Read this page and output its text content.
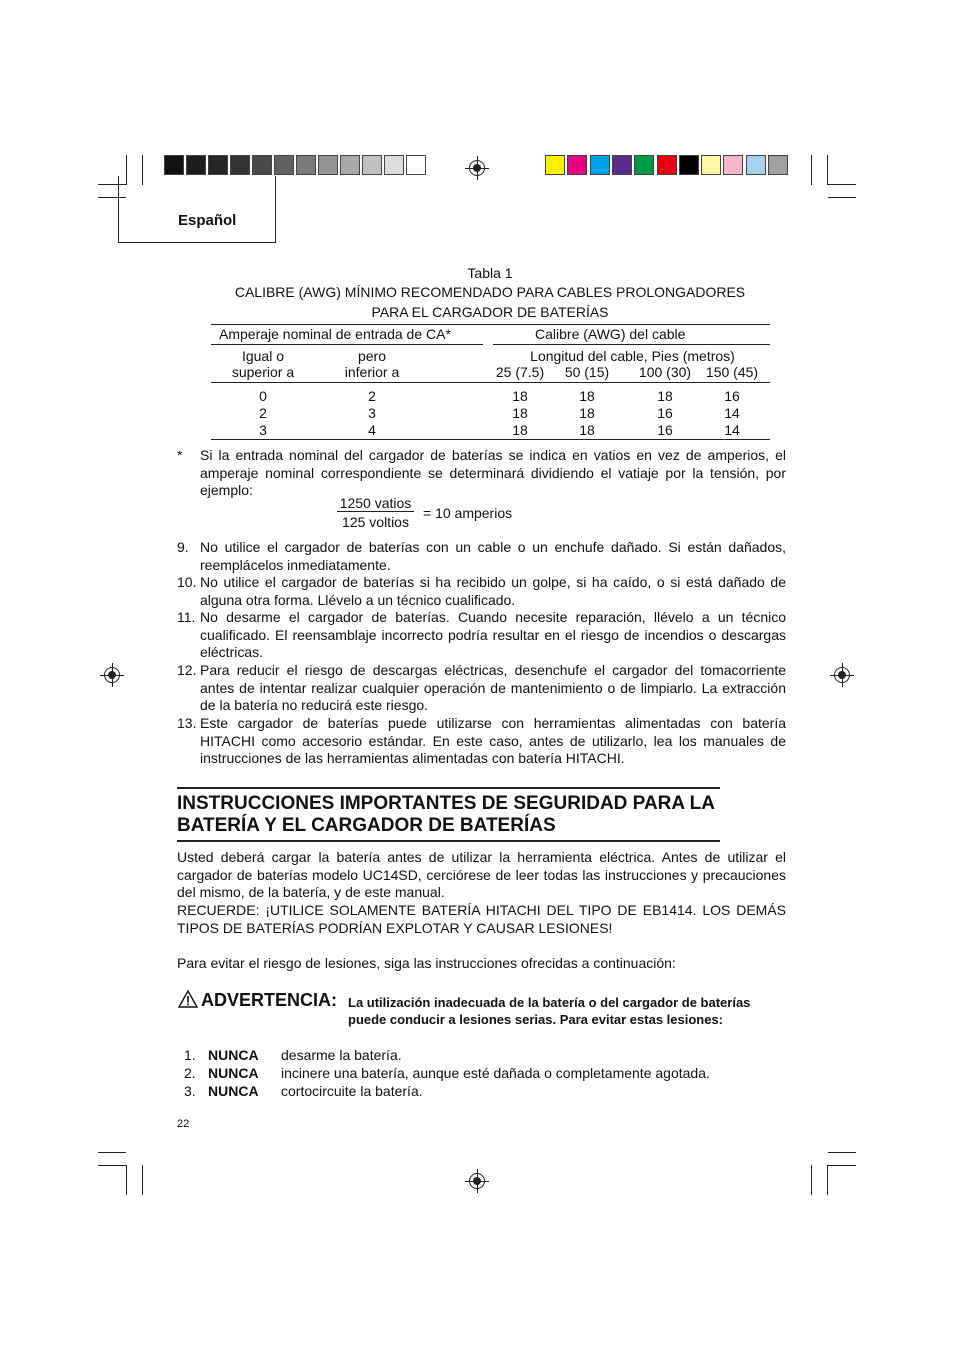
Español
Tabla 1
CALIBRE (AWG) MÍNIMO RECOMENDADO PARA CABLES PROLONGADORES
PARA EL CARGADOR DE BATERÍAS
Amperaje nominal de entrada de CA*	Calibre (AWG) del cable
Igual o
superior a
pero
inferior a
Longitud del cable, Pies (metros)
25 (7.5)	50 (15)	100 (30)	150 (45)
0	2	18	18	18	16
2	3	18	18	16	14
3	4	18	18	16	14
* Si la entrada nominal del cargador de baterías se indica en vatios en vez de amperios, el amperaje nominal correspondiente se determinará dividiendo el vatiaje por la tensión, por ejemplo:
1250 vatios
125 voltios
= 10 amperios
9. No utilice el cargador de baterías con un cable o un enchufe dañado. Si están dañados, reemplácelos inmediatamente.
10. No utilice el cargador de baterías si ha recibido un golpe, si ha caído, o si está dañado de alguna otra forma. Llévelo a un técnico cualificado.
11. No desarme el cargador de baterías. Cuando necesite reparación, llévelo a un técnico cualificado. El reensamblaje incorrecto podría resultar en el riesgo de incendios o descargas eléctricas.
12. Para reducir el riesgo de descargas eléctricas, desenchufe el cargador del tomacorriente antes de intentar realizar cualquier operación de mantenimiento o de limpiarlo. La extracción de la batería no reducirá este riesgo.
13. Este cargador de baterías puede utilizarse con herramientas alimentadas con batería HITACHI como accesorio estándar. En este caso, antes de utilizarlo, lea los manuales de instrucciones de las herramientas alimentadas con batería HITACHI.
INSTRUCCIONES IMPORTANTES DE SEGURIDAD PARA LA
BATERÍA Y EL CARGADOR DE BATERÍAS
Usted deberá cargar la batería antes de utilizar la herramienta eléctrica. Antes de utilizar el cargador de baterías modelo UC14SD, cerciórese de leer todas las instrucciones y precauciones del mismo, de la batería, y de este manual.
RECUERDE: ¡UTILICE SOLAMENTE BATERÍA HITACHI DEL TIPO DE EB1414. LOS DEMÁS TIPOS DE BATERÍAS PODRÍAN EXPLOTAR Y CAUSAR LESIONES!
Para evitar el riesgo de lesiones, siga las instrucciones ofrecidas a continuación:
ADVERTENCIA: La utilización inadecuada de la batería o del cargador de baterías
puede conducir a lesiones serias. Para evitar estas lesiones:
1. NUNCA desarme la batería.
2. NUNCA incinere una batería, aunque esté dañada o completamente agotada.
3. NUNCA cortocircuite la batería.
22
